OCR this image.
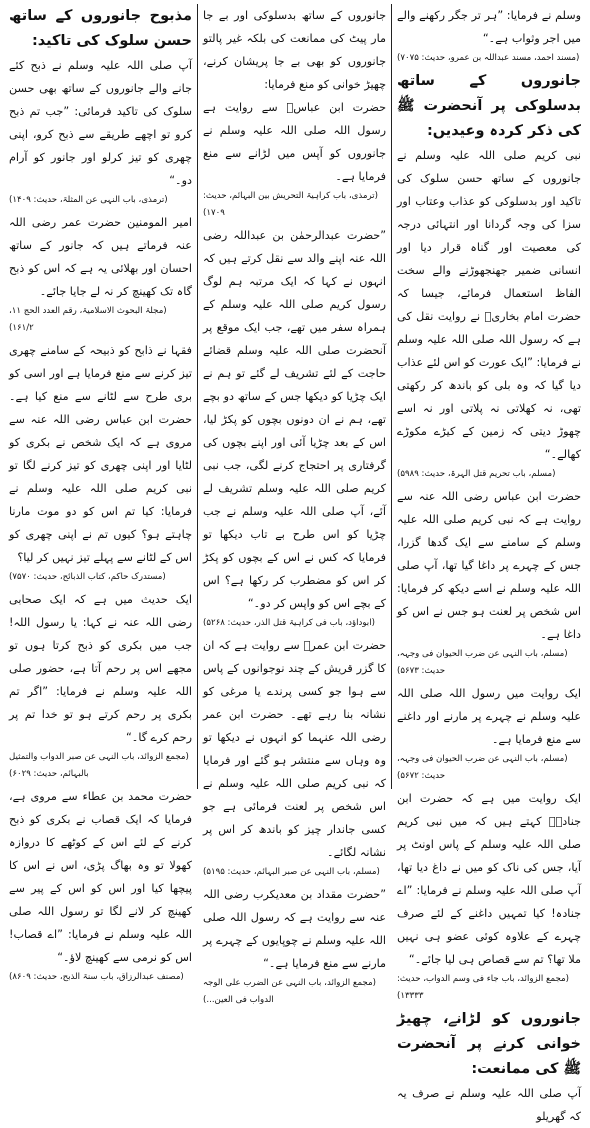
وسلم نے فرمایا: ”ہر تر جگر رکھنے والے میں اجر وثواب ہے۔“

(مسند احمد، مسند عبداللہ بن عمرو، حدیث: ۷۰۷۵)

جانوروں کے ساتھ بدسلوکی پر آنحضرت ﷺ کی ذکر کردہ وعیدیں:

نبی کریم صلی اللہ علیہ وسلم نے جانوروں کے ساتھ حسن سلوک کی تاکید اور بدسلوکی کو عذاب وعتاب اور سزا کی وجہ گردانا اور انتہائی درجہ کی معصیت اور گناہ قرار دیا اور انسانی ضمیر جھنجھوڑنے والے سخت الفاظ استعمال فرمائے، جیسا کہ حضرت امام بخاریؒ نے روایت نقل کی ہے کہ رسول اللہ صلی اللہ علیہ وسلم نے فرمایا: ”ایک عورت کو اس لئے عذاب دیا گیا کہ وہ بلی کو باندھ کر رکھتی تھی، نہ کھلاتی نہ پلاتی اور نہ اسے چھوڑ دیتی کہ زمین کے کیڑے مکوڑے کھالے۔“

(مسلم، باب تحریم قتل الہرۃ، حدیث: ۵۹۸۹)

حضرت ابن عباس رضی اللہ عنہ سے روایت ہے کہ نبی کریم صلی اللہ علیہ وسلم کے سامنے سے ایک گدھا گزرا، جس کے چہرے پر داغا گیا تھا، آپ صلی اللہ علیہ وسلم نے اسے دیکھ کر فرمایا: اس شخص پر لعنت ہو جس نے اس کو داغا ہے۔

(مسلم، باب النہی عن ضرب الحیوان فی وجہہ، حدیث: ۵۶۷۳)

ایک روایت میں رسول اللہ صلی اللہ علیہ وسلم نے چہرے پر مارنے اور داغنے سے منع فرمایا ہے۔

(مسلم، باب النہی عن ضرب الحیوان فی وجہہ، حدیث: ۵۶۷۲)

ایک روایت میں ہے کہ حضرت ابن جنادہؓ کہتے ہیں کہ میں نبی کریم صلی اللہ علیہ وسلم کے پاس اونٹ پر آیا، جس کی ناک کو میں نے داغ دیا تھا، آپ صلی اللہ علیہ وسلم نے فرمایا: ”اے جنادہ! کیا تمہیں داغنے کے لئے صرف چہرے کے علاوہ کوئی عضو ہی نہیں ملا تھا؟ تم سے قصاص ہی لیا جائے۔“

(مجمع الزوائد، باب جاء فی وسم الدواب، حدیث: ۱۳۳۳۳)

جانوروں کو لڑانے، چھیڑ خوانی کرنے پر آنحضرت ﷺ کی ممانعت:

آپ صلی اللہ علیہ وسلم نے صرف یہ کہ گھریلو

جانوروں کے ساتھ بدسلوکی اور بے جا مار پیٹ کی ممانعت کی بلکہ غیر پالتو جانوروں کو بھی بے جا پریشان کرنے، چھیڑ خوانی کو منع فرمایا:

حضرت ابن عباسؓ سے روایت ہے رسول اللہ صلی اللہ علیہ وسلم نے جانوروں کو آپس میں لڑانے سے منع فرمایا ہے۔

(ترمذی، باب کراہیۃ التحریش بین البہائم، حدیث: ۱۷۰۹)

”حضرت عبدالرحمٰن بن عبداللہ رضی اللہ عنہ اپنے والد سے نقل کرتے ہیں کہ انہوں نے کہا کہ ایک مرتبہ ہم لوگ رسول کریم صلی اللہ علیہ وسلم کے ہمراہ سفر میں تھے، جب ایک موقع پر آنحضرت صلی اللہ علیہ وسلم قضائے حاجت کے لئے تشریف لے گئے تو ہم نے ایک چڑیا کو دیکھا جس کے ساتھ دو بچے تھے، ہم نے ان دونوں بچوں کو پکڑ لیا، اس کے بعد چڑیا آئی اور اپنے بچوں کی گرفتاری پر احتجاج کرنے لگی، جب نبی کریم صلی اللہ علیہ وسلم تشریف لے آئے، آپ صلی اللہ علیہ وسلم نے جب چڑیا کو اس طرح بے تاب دیکھا تو فرمایا کہ کس نے اس کے بچوں کو پکڑ کر اس کو مضطرب کر رکھا ہے؟ اس کے بچے اس کو واپس کر دو۔“

(ابوداؤد، باب فی کراہیۃ قتل الذر، حدیث: ۵۲۶۸)

حضرت ابن عمرؓ سے روایت ہے کہ ان کا گزر قریش کے چند نوجوانوں کے پاس سے ہوا جو کسی پرندے یا مرغی کو نشانہ بنا رہے تھے۔ حضرت ابن عمر رضی اللہ عنہما کو انہوں نے دیکھا تو وہ وہاں سے منتشر ہو گئے اور فرمایا کہ نبی کریم صلی اللہ علیہ وسلم نے اس شخص پر لعنت فرمائی ہے جو کسی جاندار چیز کو باندھ کر اس پر نشانہ لگائے۔

(مسلم، باب النہی عن صبر البہائم، حدیث: ۵۱۹۵)

”حضرت مقداد بن معدیکرب رضی اللہ عنہ سے روایت ہے کہ رسول اللہ صلی اللہ علیہ وسلم نے چوپایوں کے چہرے پر مارنے سے منع فرمایا ہے۔“

(مجمع الزوائد، باب النہی عن الضرب علی الوجہ الدواب فی العین...)

مذبوح جانوروں کے ساتھ حسن سلوک کی تاکید:

آپ صلی اللہ علیہ وسلم نے ذبح کئے جانے والے جانوروں کے ساتھ بھی حسن سلوک کی تاکید فرمائی: ”جب تم ذبح کرو تو اچھے طریقے سے ذبح کرو، اپنی چھری کو تیز کرلو اور جانور کو آرام دو۔“

(ترمذی، باب النہی عن المثلۃ، حدیث: ۱۴۰۹)

امیر المومنین حضرت عمر رضی اللہ عنہ فرماتے ہیں کہ جانور کے ساتھ احسان اور بھلائی یہ ہے کہ اس کو ذبح گاہ تک کھینچ کر نہ لے جایا جائے۔

(مجلۃ البحوث الاسلامیۃ، رقم العدد الحج ۱۱، ۱۶۱/۲)

فقہا نے ذابح کو ذبیحہ کے سامنے چھری تیز کرنے سے منع فرمایا ہے اور اسی کو بری طرح سے لٹانے سے منع کیا ہے۔ حضرت ابن عباس رضی اللہ عنہ سے مروی ہے کہ ایک شخص نے بکری کو لٹایا اور اپنی چھری کو تیز کرنے لگا تو نبی کریم صلی اللہ علیہ وسلم نے فرمایا: کیا تم اس کو دو موت مارنا چاہتے ہو؟ کیوں تم نے اپنی چھری کو اس کے لٹانے سے پہلے تیز نہیں کر لیا؟

(مستدرک حاکم، کتاب الذبائح، حدیث: ۷۵۷۰)

ایک حدیث میں ہے کہ ایک صحابی رضی اللہ عنہ نے کہا: یا رسول اللہ! جب میں بکری کو ذبح کرتا ہوں تو مجھے اس پر رحم آتا ہے، حضور صلی اللہ علیہ وسلم نے فرمایا: ”اگر تم بکری پر رحم کرتے ہو تو خدا تم پر رحم کرے گا۔“

(مجمع الزوائد، باب النہی عن صبر الدواب والتمثیل بالبہائم، حدیث: ۶۰۲۹)

حضرت محمد بن عطاء سے مروی ہے، فرمایا کہ ایک قصاب نے بکری کو ذبح کرنے کے لئے اس کے کوٹھے کا دروازہ کھولا تو وہ بھاگ پڑی، اس نے اس کا پیچھا کیا اور اس کو اس کے پیر سے کھینچ کر لانے لگا تو رسول اللہ صلی اللہ علیہ وسلم نے فرمایا: ”اے قصاب! اس کو نرمی سے کھینچ لاؤ۔“

(مصنف عبدالرزاق، باب سنۃ الذبح، حدیث: ۸۶۰۹)
